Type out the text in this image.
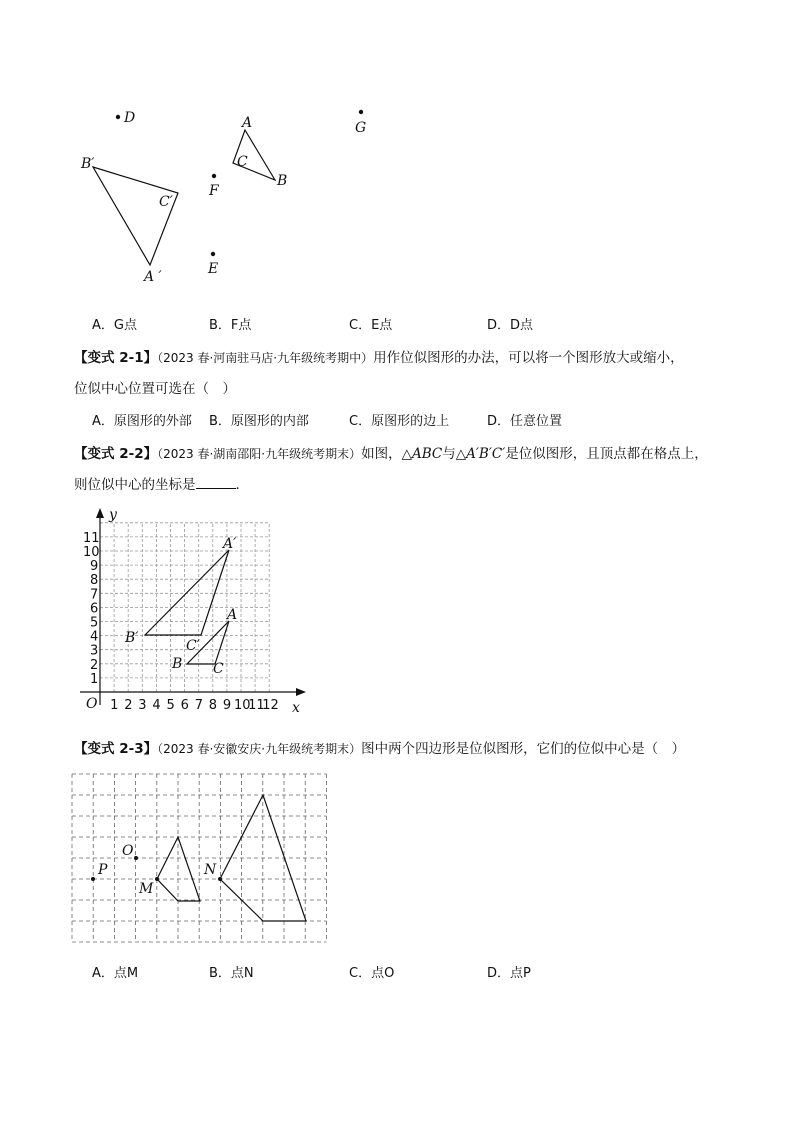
D
G
A
B
C
B′
C′
A ′
F
E
A．G点	B．F点	C．E点	D．D点
【变式 2-1】（2023 春·河南驻马店·九年级统考期中）用作位似图形的办法，可以将一个图形放大或缩小，
位似中心位置可选在（　）
A．原图形的外部 B．原图形的内部	C．原图形的边上	D．任意位置
【变式 2-2】（2023 春·湖南邵阳·九年级统考期末）如图，△ABC与△A′B′C′是位似图形，且顶点都在格点上，
则位似中心的坐标是	．
y
x
O 1 2 3 4 5 6 7 8 9 10
11
12
1
2
3
4
5
6
7
8
9
10
11	A′
B′	C′
A
B C
【变式 2-3】（2023 春·安徽安庆·九年级统考期末）图中两个四边形是位似图形，它们的位似中心是（　）
P
O
M
N
A．点M	B．点N	C．点O	D．点P
